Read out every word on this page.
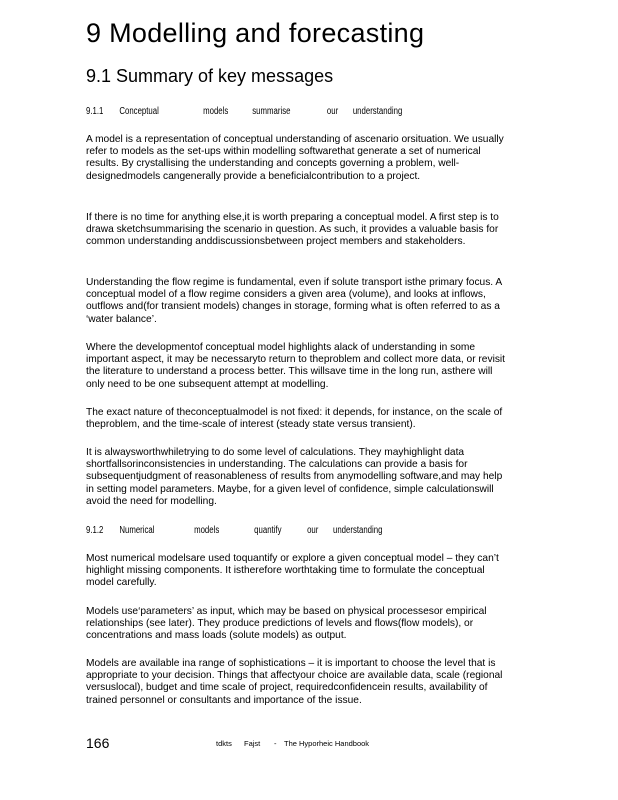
9 Modelling and forecasting
9.1 Summary of key messages
9.1.1 Conceptual	models summarise	our understanding

A model is a representation of conceptual understanding of ascenario orsituation. We usually refer to models as the set-ups within modelling softwarethat generate a set of numerical results. By crystallising the understanding and concepts governing a problem, well-designedmodels cangenerally provide a beneficialcontribution to a project.

If there is no time for anything else,it is worth preparing a conceptual model. A first step is to drawa sketchsummarising the scenario in question. As such, it provides a valuable basis for common understanding anddiscussionsbetween project members and stakeholders.

Understanding the flow regime is fundamental, even if solute transport isthe primary focus. A conceptual model of a flow regime considers a given area (volume), and looks at inflows, outflows and(for transient models) changes in storage, forming what is often referred to as a ‘water balance’.

Where the developmentof conceptual model highlights alack of understanding in some important aspect, it may be necessaryto return to theproblem and collect more data, or revisit the literature to understand a process better. This willsave time in the long run, asthere will only need to be one subsequent attempt at modelling.

The exact nature of theconceptualmodel is not fixed: it depends, for instance, on the scale of theproblem, and the time-scale of interest (steady state versus transient).

It is alwaysworthwhiletrying to do some level of calculations. They mayhighlight data shortfallsorinconsistencies in understanding. The calculations can provide a basis for subsequentjudgment of reasonableness of results from anymodelling software,and may help in setting model parameters. Maybe, for a given level of confidence, simple calculationswill avoid the need for modelling.

9.1.2 Numerical	models	quantify	our understanding

Most numerical modelsare used toquantify or explore a given conceptual model – they can’t highlight missing components. It istherefore worthtaking time to formulate the conceptual model carefully.

Models use‘parameters’ as input, which may be based on physical processesor empirical relationships (see later). They produce predictions of levels and flows(flow models), or concentrations and mass loads (solute models) as output.

Models are available ina range of sophistications – it is important to choose the level that is appropriate to your decision. Things that affectyour choice are available data, scale (regional versuslocal), budget and time scale of project, requiredconfidencein results, availability of trained personnel or consultants and importance of the issue.

166	tdkts Fajst - The Hyporheic Handbook
